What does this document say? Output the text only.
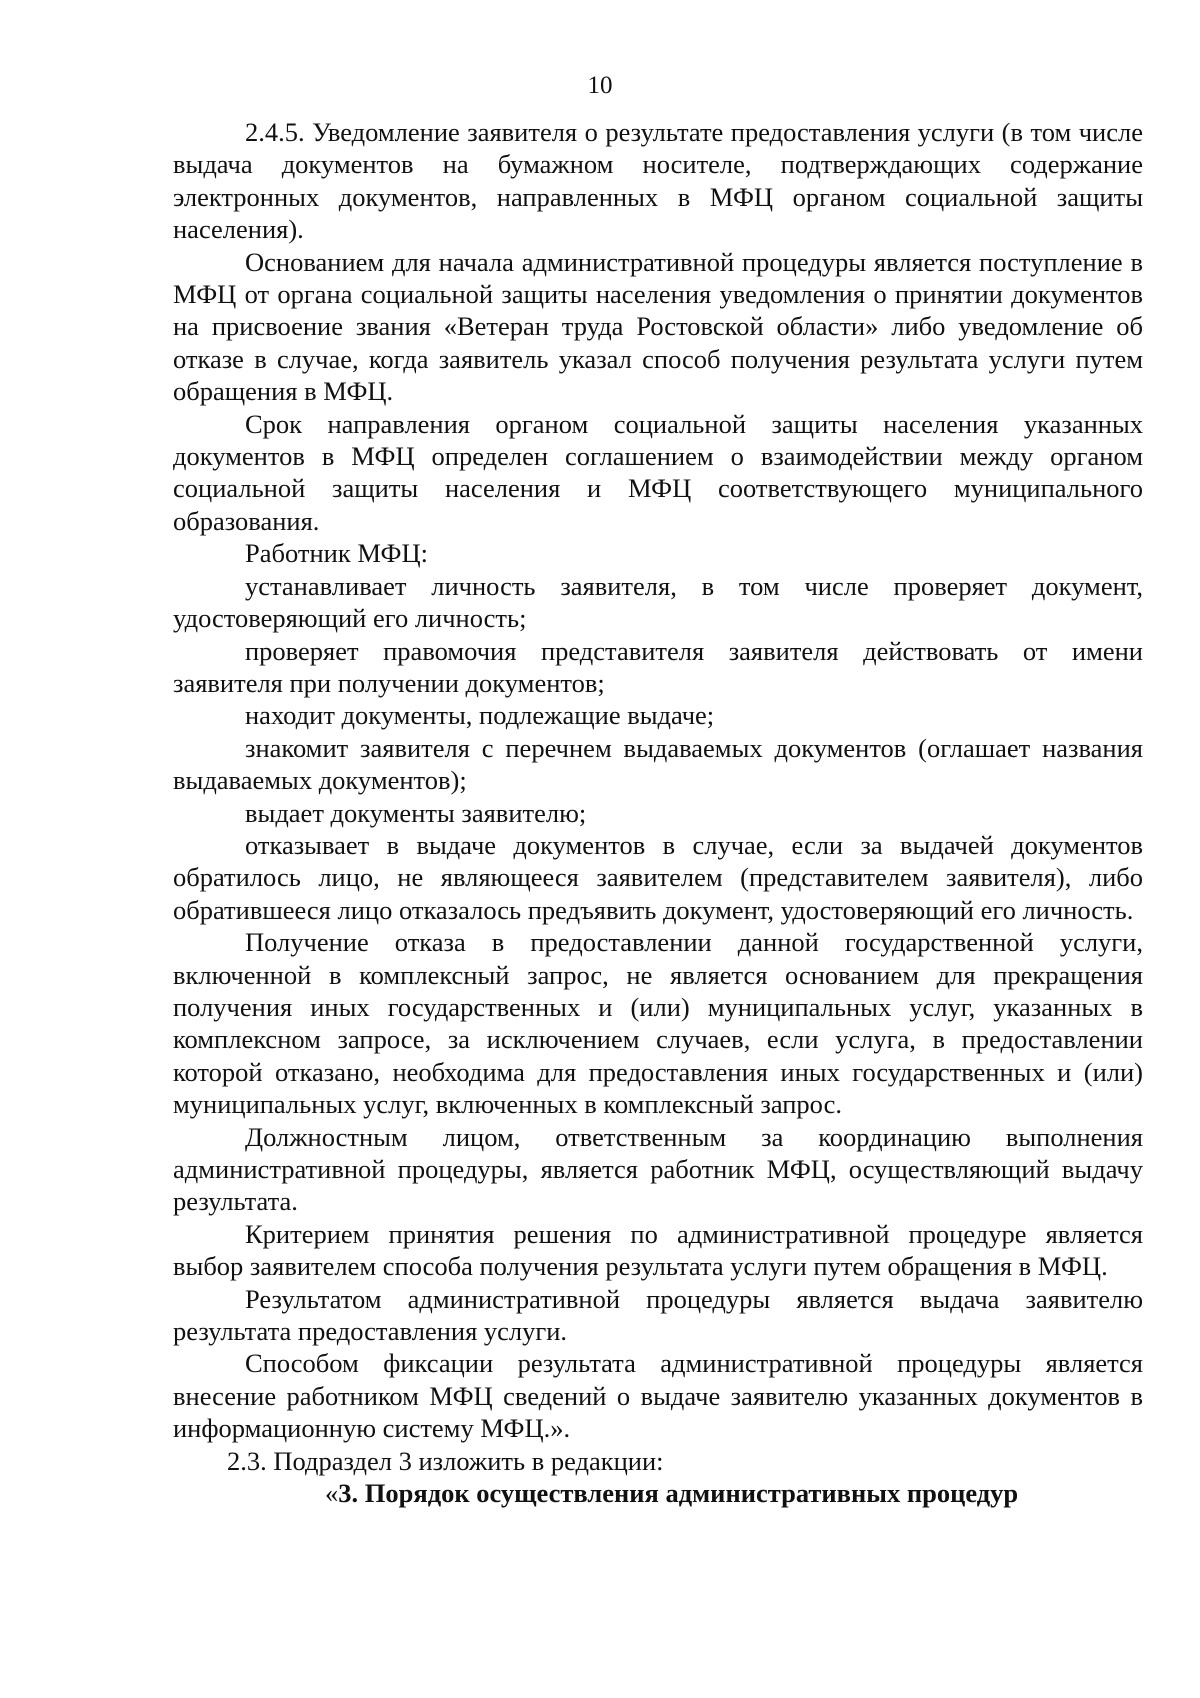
10

2.4.5. Уведомление заявителя о результате предоставления услуги (в том числе выдача документов на бумажном носителе, подтверждающих содержание электронных документов, направленных в МФЦ органом социальной защиты населения).

Основанием для начала административной процедуры является поступление в МФЦ от органа социальной защиты населения уведомления о принятии документов на присвоение звания «Ветеран труда Ростовской области» либо уведомление об отказе в случае, когда заявитель указал способ получения результата услуги путем обращения в МФЦ.

Срок направления органом социальной защиты населения указанных документов в МФЦ определен соглашением о взаимодействии между органом социальной защиты населения и МФЦ соответствующего муниципального образования.

Работник МФЦ:

устанавливает личность заявителя, в том числе проверяет документ, удостоверяющий его личность;

проверяет правомочия представителя заявителя действовать от имени заявителя при получении документов;

находит документы, подлежащие выдаче;

знакомит заявителя с перечнем выдаваемых документов (оглашает названия выдаваемых документов);

выдает документы заявителю;

отказывает в выдаче документов в случае, если за выдачей документов обратилось лицо, не являющееся заявителем (представителем заявителя), либо обратившееся лицо отказалось предъявить документ, удостоверяющий его личность.

Получение отказа в предоставлении данной государственной услуги, включенной в комплексный запрос, не является основанием для прекращения получения иных государственных и (или) муниципальных услуг, указанных в комплексном запросе, за исключением случаев, если услуга, в предоставлении которой отказано, необходима для предоставления иных государственных и (или) муниципальных услуг, включенных в комплексный запрос.

Должностным лицом, ответственным за координацию выполнения административной процедуры, является работник МФЦ, осуществляющий выдачу результата.

Критерием принятия решения по административной процедуре является выбор заявителем способа получения результата услуги путем обращения в МФЦ.

Результатом административной процедуры является выдача заявителю результата предоставления услуги.

Способом фиксации результата административной процедуры является внесение работником МФЦ сведений о выдаче заявителю указанных документов в информационную систему МФЦ.».

2.3. Подраздел 3 изложить в редакции:

«3. Порядок осуществления административных процедур
